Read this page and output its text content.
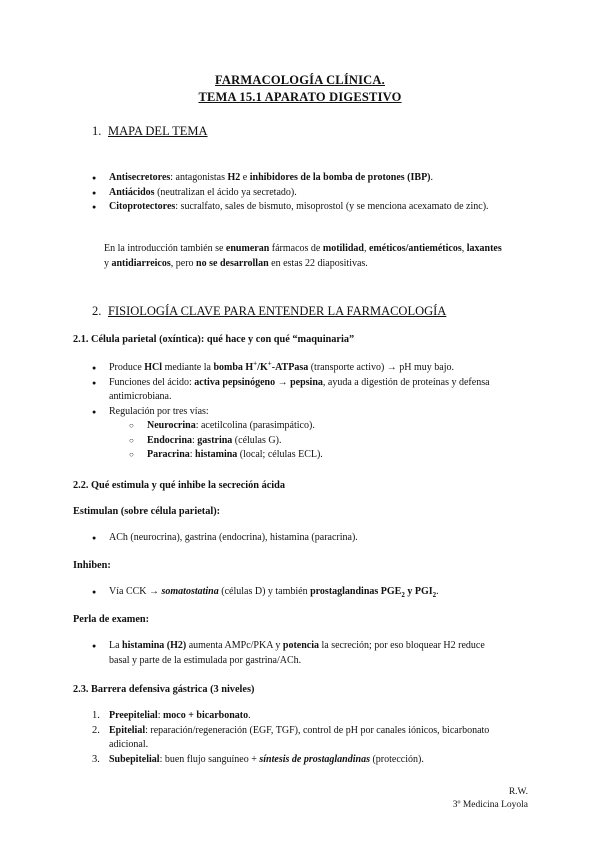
FARMACOLOGÍA CLÍNICA.
TEMA 15.1 APARATO DIGESTIVO
1. MAPA DEL TEMA
● Antisecretores: antagonistas H2 e inhibidores de la bomba de protones (IBP).
● Antiácidos (neutralizan el ácido ya secretado).
● Citoprotectores: sucralfato, sales de bismuto, misoprostol (y se menciona acexamato de zinc).
En la introducción también se enumeran fármacos de motilidad, eméticos/antieméticos, laxantes y antidiarreicos, pero no se desarrollan en estas 22 diapositivas.
2. FISIOLOGÍA CLAVE PARA ENTENDER LA FARMACOLOGÍA
2.1. Célula parietal (oxíntica): qué hace y con qué “maquinaria”
● Produce HCl mediante la bomba H+/K+-ATPasa (transporte activo) → pH muy bajo.
● Funciones del ácido: activa pepsinógeno → pepsina, ayuda a digestión de proteínas y defensa antimicrobiana.
● Regulación por tres vías:
○ Neurocrina: acetilcolina (parasimpático).
○ Endocrina: gastrina (células G).
○ Paracrina: histamina (local; células ECL).
2.2. Qué estimula y qué inhibe la secreción ácida
Estimulan (sobre célula parietal):
● ACh (neurocrina), gastrina (endocrina), histamina (paracrina).
Inhiben:
● Vía CCK → somatostatina (células D) y también prostaglandinas $PGE_2$ y $PGI_2$.
Perla de examen:
● La histamina (H2) aumenta AMPc/PKA y potencia la secreción; por eso bloquear H2 reduce basal y parte de la estimulada por gastrina/ACh.
2.3. Barrera defensiva gástrica (3 niveles)
1. Preepitelial: moco + bicarbonato.
2. Epitelial: reparación/regeneración (EGF, TGF), control de pH por canales iónicos, bicarbonato adicional.
3. Subepitelial: buen flujo sanguíneo + síntesis de prostaglandinas (protección).
R.W.
3º Medicina Loyola
